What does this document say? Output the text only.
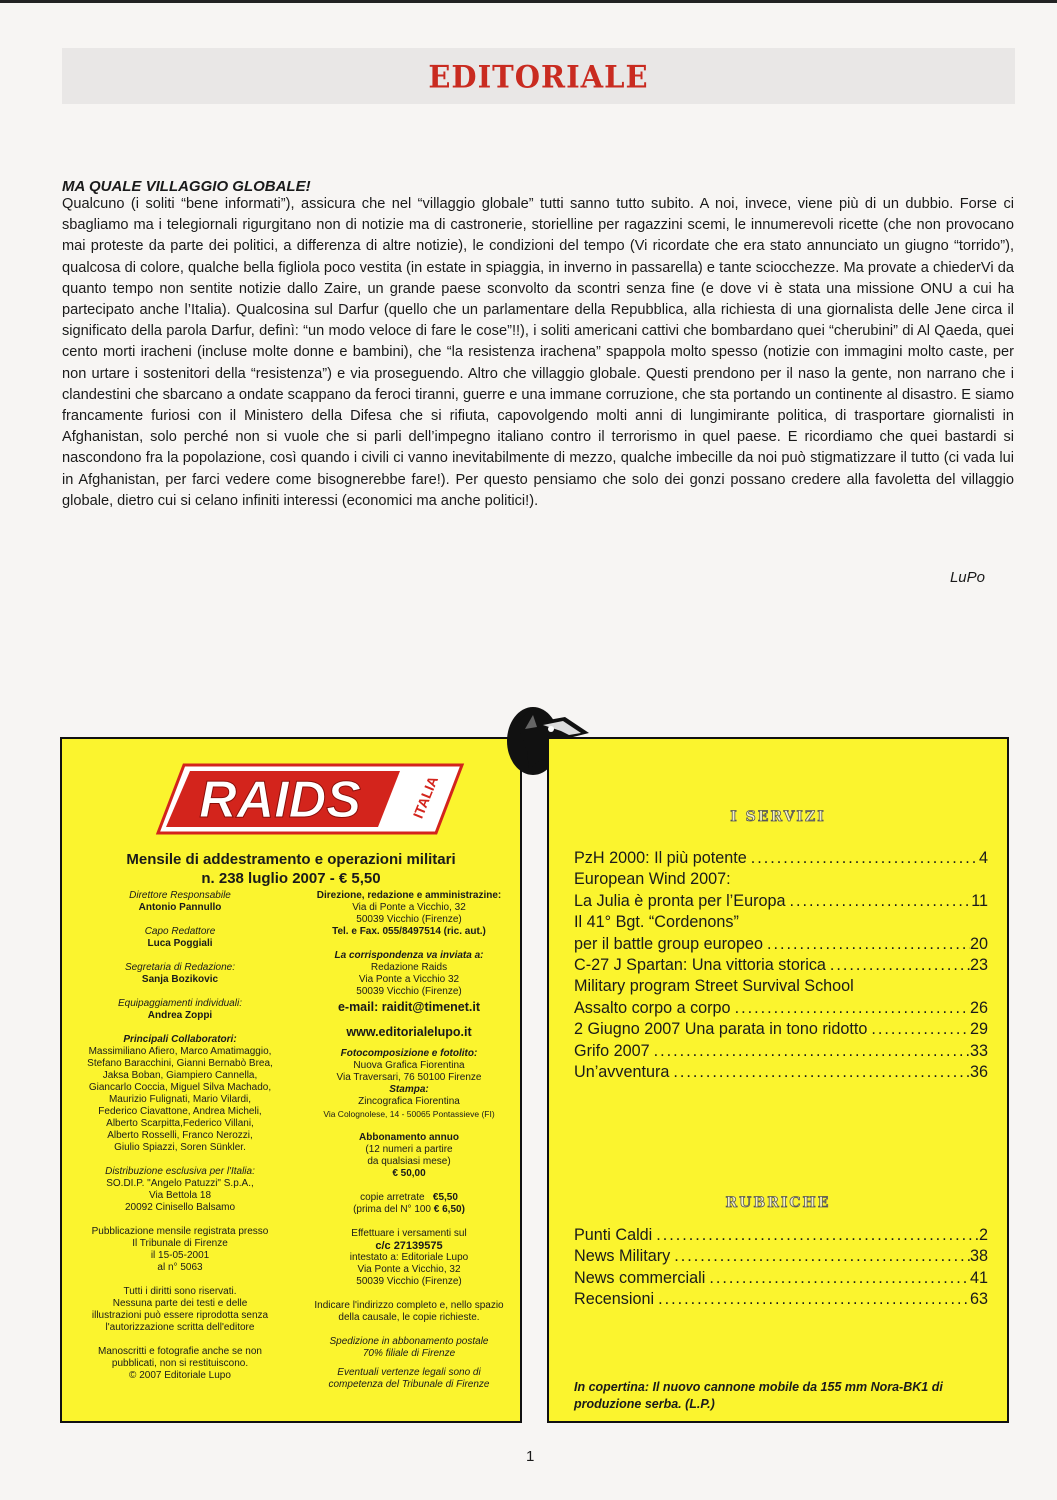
EDITORIALE
MA QUALE VILLAGGIO GLOBALE!
Qualcuno (i soliti “bene informati”), assicura che nel “villaggio globale” tutti sanno tutto subito. A noi, invece, viene più di un dubbio. Forse ci sbagliamo ma i telegiornali rigurgitano non di notizie ma di castronerie, storielline per ragazzini scemi, le innumerevoli ricette (che non provocano mai proteste da parte dei politici, a differenza di altre notizie), le condizioni del tempo (Vi ricordate che era stato annunciato un giugno “torrido”), qualcosa di colore, qualche bella figliola poco vestita (in estate in spiaggia, in inverno in passarella) e tante sciocchezze. Ma provate a chiederVi da quanto tempo non sentite notizie dallo Zaire, un grande paese sconvolto da scontri senza fine (e dove vi è stata una missione ONU a cui ha partecipato anche l’Italia). Qualcosina sul Darfur (quello che un parlamentare della Repubblica, alla richiesta di una giornalista delle Jene circa il significato della parola Darfur, definì: “un modo veloce di fare le cose”!!), i soliti americani cattivi che bombardano quei “cherubini” di Al Qaeda, quei cento morti iracheni (incluse molte donne e bambini), che “la resistenza irachena” spappola molto spesso (notizie con immagini molto caste, per non urtare i sostenitori della “resistenza”) e via proseguendo. Altro che villaggio globale. Questi prendono per il naso la gente, non narrano che i clandestini che sbarcano a ondate scappano da feroci tiranni, guerre e una immane corruzione, che sta portando un continente al disastro. E siamo francamente furiosi con il Ministero della Difesa che si rifiuta, capovolgendo molti anni di lungimirante politica, di trasportare giornalisti in Afghanistan, solo perché non si vuole che si parli dell’impegno italiano contro il terrorismo in quel paese. E ricordiamo che quei bastardi si nascondono fra la popolazione, così quando i civili ci vanno inevitabilmente di mezzo, qualche imbecille da noi può stigmatizzare il tutto (ci vada lui in Afghanistan, per farci vedere come bisognerebbe fare!). Per questo pensiamo che solo dei gonzi possano credere alla favoletta del villaggio globale, dietro cui si celano infiniti interessi (economici ma anche politici!).
LuPo
RAIDS	ITALIA
Mensile di addestramento e operazioni militari
n. 238 luglio 2007 - € 5,50

Direttore Responsabile

Antonio Pannullo

Capo Redattore

Luca Poggiali

Segretaria di Redazione:

Sanja Bozikovic

Equipaggiamenti individuali:

Andrea Zoppi

Principali Collaboratori:

Massimiliano Afiero, Marco Amatimaggio,

Stefano Baracchini, Gianni Bernabò Brea,

Jaksa Boban, Giampiero Cannella,

Giancarlo Coccia, Miguel Silva Machado,

Maurizio Fulignati, Mario Vilardi,

Federico Ciavattone, Andrea Micheli,

Alberto Scarpitta,Federico Villani,

Alberto Rosselli, Franco Nerozzi,

Giulio Spiazzi, Soren Sünkler.

Distribuzione esclusiva per l'Italia:

SO.DI.P. "Angelo Patuzzi" S.p.A.,

Via Bettola 18

20092 Cinisello Balsamo

Pubblicazione mensile registrata presso

Il Tribunale di Firenze

il 15-05-2001

al n° 5063

Tutti i diritti sono riservati.

Nessuna parte dei testi e delle

illustrazioni può essere riprodotta senza

l'autorizzazione scritta dell'editore

Manoscritti e fotografie anche se non

pubblicati, non si restituiscono.

© 2007 Editoriale Lupo

Direzione, redazione e amministrazine:

Via di Ponte a Vicchio, 32

50039 Vicchio (Firenze)

Tel. e Fax. 055/8497514 (ric. aut.)

La corrispondenza va inviata a:

Redazione Raids

Via Ponte a Vicchio 32

50039 Vicchio (Firenze)

e-mail: raidit@timenet.it

www.editorialelupo.it

Fotocomposizione e fotolito:

Nuova Grafica Fiorentina

Via Traversari, 76 50100 Firenze

Stampa:

Zincografica Fiorentina

Via Colognolese, 14 - 50065 Pontassieve (FI)

Abbonamento annuo

(12 numeri a partire

da qualsiasi mese)

€ 50,00

copie arretrate €5,50

(prima del N° 100 € 6,50)

Effettuare i versamenti sul

c/c 27139575

intestato a: Editoriale Lupo

Via Ponte a Vicchio, 32

50039 Vicchio (Firenze)

Indicare l'indirizzo completo e, nello spazio

della causale, le copie richieste.

Spedizione in abbonamento postale

70% filiale di Firenze

Eventuali vertenze legali sono di

competenza del Tribunale di Firenze

I SERVIZI
PzH 2000: Il più potente .....	4
European Wind 2007:
La Julia è pronta per l’Europa .....	11
Il 41° Bgt. “Cordenons”
per il battle group europeo .....	20
C-27 J Spartan: Una vittoria storica .....	23
Military program Street Survival School
Assalto corpo a corpo .....	26
2 Giugno 2007 Una parata in tono ridotto .....	29
Grifo 2007 .....	33
Un’avventura .....	36
RUBRICHE
Punti Caldi .....	2
News Military .....	38
News commerciali .....	41
Recensioni .....	63
In copertina: Il nuovo cannone mobile da 155 mm Nora-BK1 di produzione serba. (L.P.)
1
